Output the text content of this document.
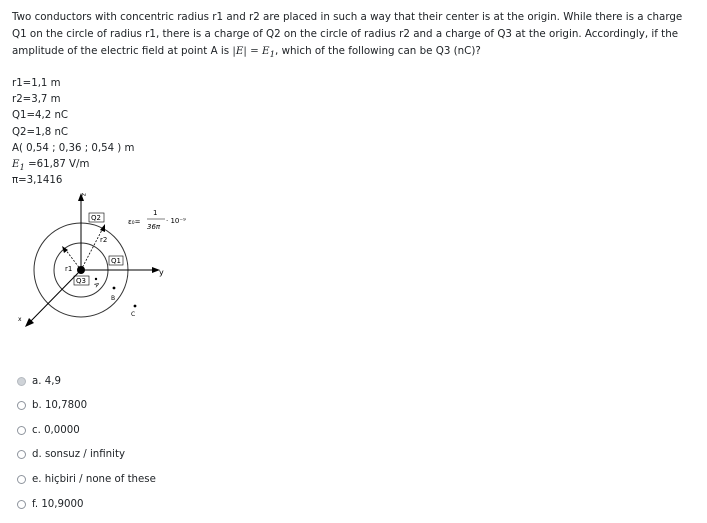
Two conductors with concentric radius r1 and r2 are placed in such a way that their center is at the origin. While there is a charge Q1 on the circle of radius r1, there is a charge of Q2 on the circle of radius r2 and a charge of Q3 at the origin. Accordingly, if the amplitude of the electric field at point A is $|E| = E_1$, which of the following can be Q3 (nC)?
r1=1,1 m
r2=3,7 m
Q1=4,2 nC
Q2=1,8 nC
A( 0,54 ; 0,36 ; 0,54 ) m
$E_1 =61,87$ V/m
π=3,1416
z
y
x
Q3
r1
r2
Q2
Q1
A
B
C
ε₀=
1
36π
· 10⁻⁹
a. 4,9
b. 10,7800
c. 0,0000
d. sonsuz / infinity
e. hiçbiri / none of these
f. 10,9000
